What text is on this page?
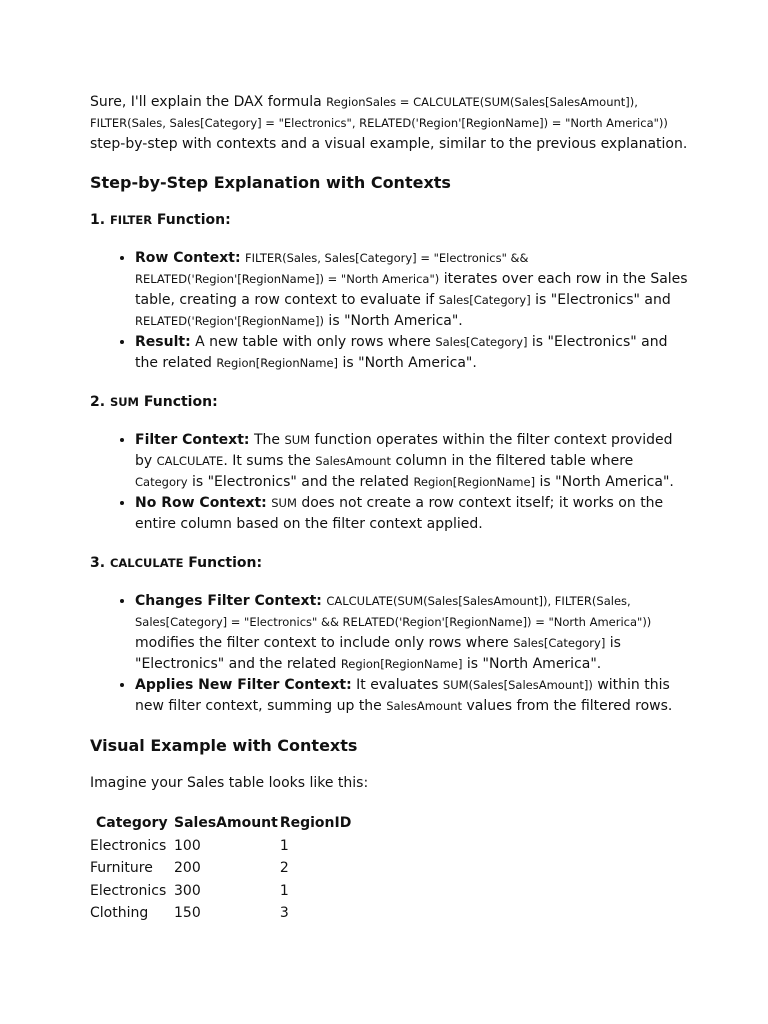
Sure, I'll explain the DAX formula RegionSales = CALCULATE(SUM(Sales[SalesAmount]), FILTER(Sales, Sales[Category] = "Electronics", RELATED('Region'[RegionName]) = "North America")) step-by-step with contexts and a visual example, similar to the previous explanation.

Step-by-Step Explanation with Contexts
1. FILTER Function:
• Row Context: FILTER(Sales, Sales[Category] = "Electronics" && RELATED('Region'[RegionName]) = "North America") iterates over each row in the Sales table, creating a row context to evaluate if Sales[Category] is "Electronics" and RELATED('Region'[RegionName]) is "North America".
• Result: A new table with only rows where Sales[Category] is "Electronics" and the related Region[RegionName] is "North America".
2. SUM Function:
• Filter Context: The SUM function operates within the filter context provided by CALCULATE. It sums the SalesAmount column in the filtered table where Category is "Electronics" and the related Region[RegionName] is "North America".
• No Row Context: SUM does not create a row context itself; it works on the entire column based on the filter context applied.
3. CALCULATE Function:
• Changes Filter Context: CALCULATE(SUM(Sales[SalesAmount]), FILTER(Sales, Sales[Category] = "Electronics" && RELATED('Region'[RegionName]) = "North America")) modifies the filter context to include only rows where Sales[Category] is "Electronics" and the related Region[RegionName] is "North America".
• Applies New Filter Context: It evaluates SUM(Sales[SalesAmount]) within this new filter context, summing up the SalesAmount values from the filtered rows.
Visual Example with Contexts

Imagine your Sales table looks like this:

Category	SalesAmount	RegionID
Electronics	100	1
Furniture	200	2
Electronics	300	1
Clothing	150	3
